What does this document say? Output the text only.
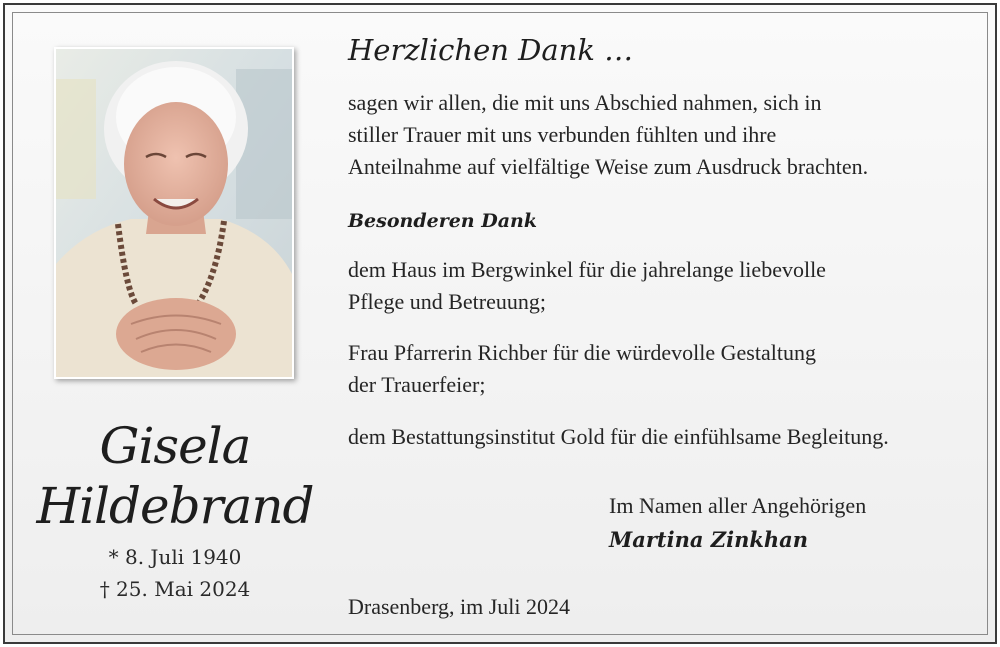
Gisela
Hildebrand
* 8. Juli 1940
† 25. Mai 2024
Herzlichen Dank …
sagen wir allen, die mit uns Abschied nahmen, sich in
stiller Trauer mit uns verbunden fühlten und ihre
Anteilnahme auf vielfältige Weise zum Ausdruck brachten.
Besonderen Dank
dem Haus im Bergwinkel für die jahrelange liebevolle
Pflege und Betreuung;
Frau Pfarrerin Richber für die würdevolle Gestaltung
der Trauerfeier;
dem Bestattungsinstitut Gold für die einfühlsame Begleitung.
Im Namen aller Angehörigen
Martina Zinkhan
Drasenberg, im Juli 2024
